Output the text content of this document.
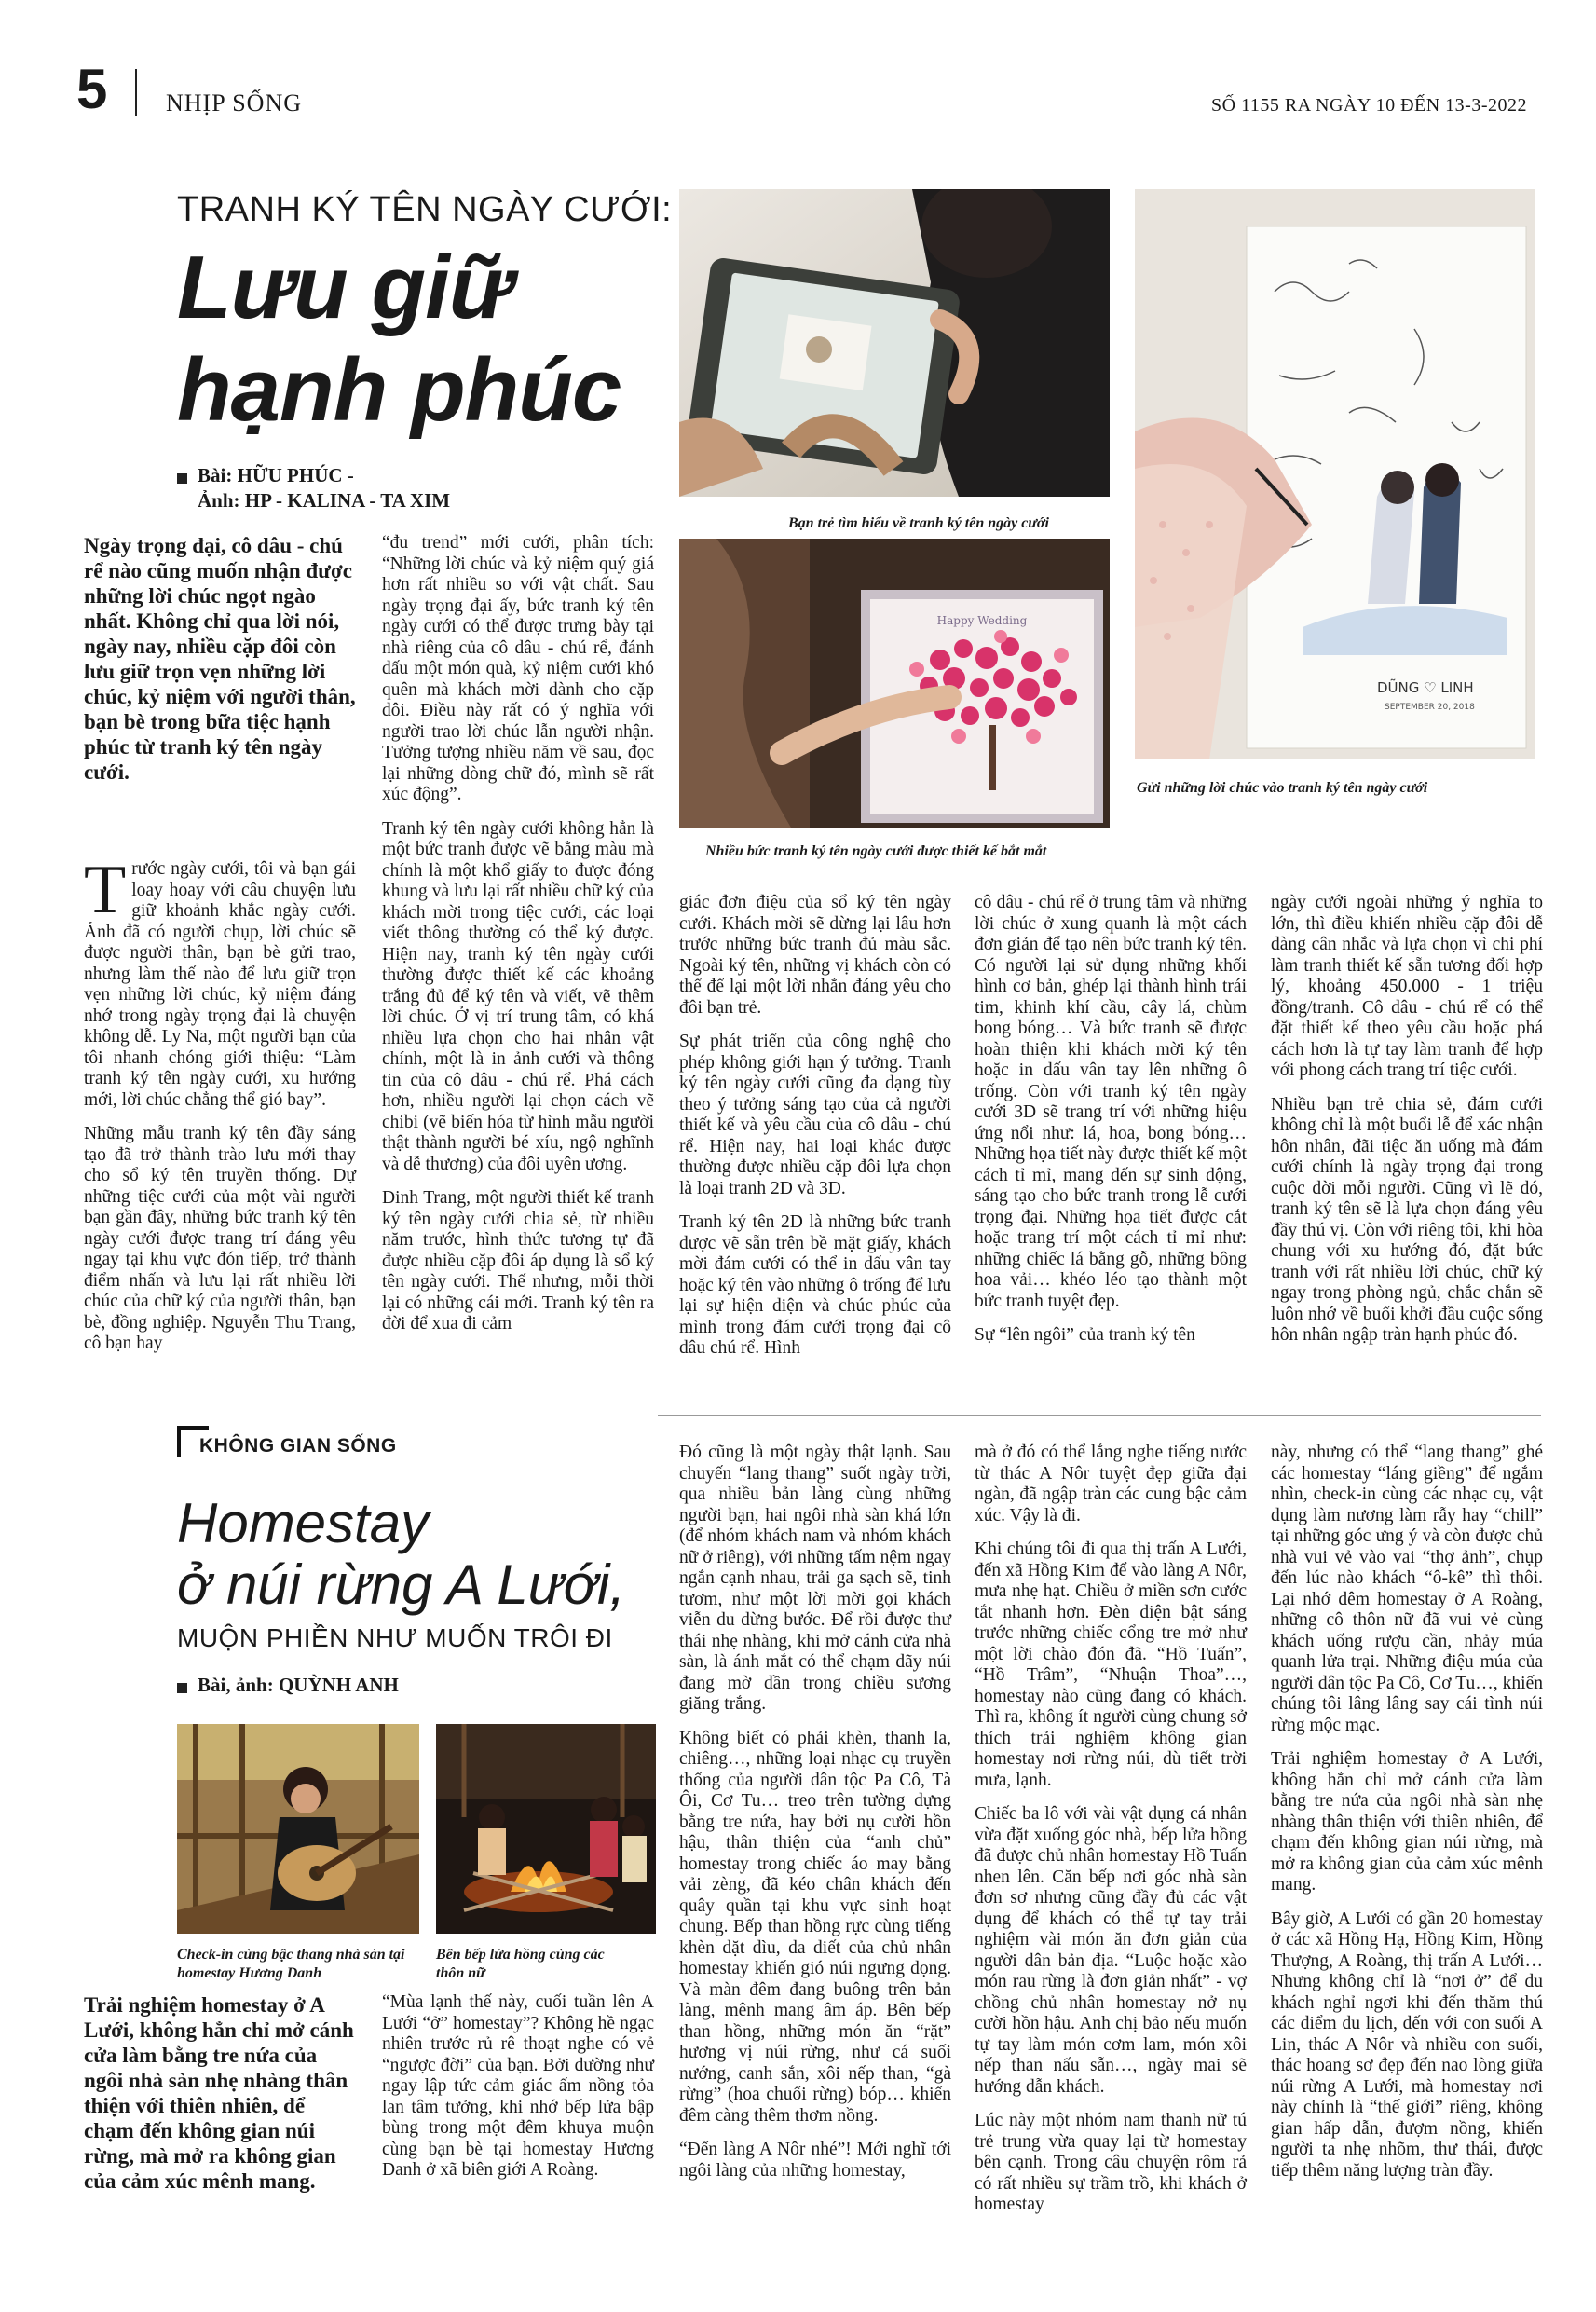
5 NHỊP SỐNG	SỐ 1155 RA NGÀY 10 ĐẾN 13-3-2022
TRANH KÝ TÊN NGÀY CƯỚI:
Lưu giữ
hạnh phúc
Bài: HỮU PHÚC -
Ảnh: HP - KALINA - TA XIM
Bạn trẻ tìm hiểu về tranh ký tên ngày cưới
Happy Wedding
Nhiều bức tranh ký tên ngày cưới được thiết kế bắt mắt
DŨNG ♡ LINH
SEPTEMBER 20, 2018
Gửi những lời chúc vào tranh ký tên ngày cưới
Ngày trọng đại, cô dâu - chú rể nào cũng muốn nhận được những lời chúc ngọt ngào nhất. Không chỉ qua lời nói, ngày nay, nhiều cặp đôi còn lưu giữ trọn vẹn những lời chúc, kỷ niệm với người thân, bạn bè trong bữa tiệc hạnh phúc từ tranh ký tên ngày cưới.

Trước ngày cưới, tôi và bạn gái loay hoay với câu chuyện lưu giữ khoảnh khắc ngày cưới. Ảnh đã có người chụp, lời chúc sẽ được người thân, bạn bè gửi trao, nhưng làm thế nào để lưu giữ trọn vẹn những lời chúc, kỷ niệm đáng nhớ trong ngày trọng đại là chuyện không dễ. Ly Na, một người bạn của tôi nhanh chóng giới thiệu: “Làm tranh ký tên ngày cưới, xu hướng mới, lời chúc chẳng thể gió bay”.

Những mẫu tranh ký tên đầy sáng tạo đã trở thành trào lưu mới thay cho sổ ký tên truyền thống. Dự những tiệc cưới của một vài người bạn gần đây, những bức tranh ký tên ngày cưới được trang trí đáng yêu ngay tại khu vực đón tiếp, trở thành điểm nhấn và lưu lại rất nhiều lời chúc của chữ ký của người thân, bạn bè, đồng nghiệp. Nguyễn Thu Trang, cô bạn hay

“đu trend” mới cưới, phân tích: “Những lời chúc và kỷ niệm quý giá hơn rất nhiều so với vật chất. Sau ngày trọng đại ấy, bức tranh ký tên ngày cưới có thể được trưng bày tại nhà riêng của cô dâu - chú rể, đánh dấu một món quà, kỷ niệm cưới khó quên mà khách mời dành cho cặp đôi. Điều này rất có ý nghĩa với người trao lời chúc lẫn người nhận. Tưởng tượng nhiều năm về sau, đọc lại những dòng chữ đó, mình sẽ rất xúc động”.

Tranh ký tên ngày cưới không hẳn là một bức tranh được vẽ bằng màu mà chính là một khổ giấy to được đóng khung và lưu lại rất nhiều chữ ký của khách mời trong tiệc cưới, các loại viết thông thường có thể ký được. Hiện nay, tranh ký tên ngày cưới thường được thiết kế các khoảng trắng đủ để ký tên và viết, vẽ thêm lời chúc. Ở vị trí trung tâm, có khá nhiều lựa chọn cho hai nhân vật chính, một là in ảnh cưới và thông tin của cô dâu - chú rể. Phá cách hơn, nhiều người lại chọn cách vẽ chibi (vẽ biến hóa từ hình mẫu người thật thành người bé xíu, ngộ nghĩnh và dễ thương) của đôi uyên ương.

Đinh Trang, một người thiết kế tranh ký tên ngày cưới chia sẻ, từ nhiều năm trước, hình thức tương tự đã được nhiều cặp đôi áp dụng là sổ ký tên ngày cưới. Thế nhưng, mỗi thời lại có những cái mới. Tranh ký tên ra đời để xua đi cảm

giác đơn điệu của sổ ký tên ngày cưới. Khách mời sẽ dừng lại lâu hơn trước những bức tranh đủ màu sắc. Ngoài ký tên, những vị khách còn có thể để lại một lời nhắn đáng yêu cho đôi bạn trẻ.

Sự phát triển của công nghệ cho phép không giới hạn ý tưởng. Tranh ký tên ngày cưới cũng đa dạng tùy theo ý tưởng sáng tạo của cả người thiết kế và yêu cầu của cô dâu - chú rể. Hiện nay, hai loại khác được thường được nhiều cặp đôi lựa chọn là loại tranh 2D và 3D.

Tranh ký tên 2D là những bức tranh được vẽ sẵn trên bề mặt giấy, khách mời đám cưới có thể in dấu vân tay hoặc ký tên vào những ô trống để lưu lại sự hiện diện và chúc phúc của mình trong đám cưới trọng đại cô dâu chú rể. Hình

cô dâu - chú rể ở trung tâm và những lời chúc ở xung quanh là một cách đơn giản để tạo nên bức tranh ký tên. Có người lại sử dụng những khối hình cơ bản, ghép lại thành hình trái tim, khinh khí cầu, cây lá, chùm bong bóng… Và bức tranh sẽ được hoàn thiện khi khách mời ký tên hoặc in dấu vân tay lên những ô trống. Còn với tranh ký tên ngày cưới 3D sẽ trang trí với những hiệu ứng nổi như: lá, hoa, bong bóng… Những họa tiết này được thiết kế một cách tỉ mỉ, mang đến sự sinh động, sáng tạo cho bức tranh trong lễ cưới trọng đại. Những họa tiết được cắt hoặc trang trí một cách tỉ mỉ như: những chiếc lá bằng gỗ, những bông hoa vải… khéo léo tạo thành một bức tranh tuyệt đẹp.

Sự “lên ngôi” của tranh ký tên

ngày cưới ngoài những ý nghĩa to lớn, thì điều khiến nhiều cặp đôi dễ dàng cân nhắc và lựa chọn vì chi phí làm tranh thiết kế sẵn tương đối hợp lý, khoảng 450.000 - 1 triệu đồng/tranh. Cô dâu - chú rể có thể đặt thiết kế theo yêu cầu hoặc phá cách hơn là tự tay làm tranh để hợp với phong cách trang trí tiệc cưới.

Nhiều bạn trẻ chia sẻ, đám cưới không chỉ là một buổi lễ để xác nhận hôn nhân, đãi tiệc ăn uống mà đám cưới chính là ngày trọng đại trong cuộc đời mỗi người. Cũng vì lẽ đó, tranh ký tên sẽ là lựa chọn đáng yêu đầy thú vị. Còn với riêng tôi, khi hòa chung với xu hướng đó, đặt bức tranh với rất nhiều lời chúc, chữ ký ngay trong phòng ngủ, chắc chắn sẽ luôn nhớ về buổi khởi đầu cuộc sống hôn nhân ngập tràn hạnh phúc đó.

KHÔNG GIAN SỐNG
Homestay
ở núi rừng A Lưới,
MUỘN PHIỀN NHƯ MUỐN TRÔI ĐI
Bài, ảnh: QUỲNH ANH
Check-in cùng bậc thang nhà sàn tại homestay Hương Danh
Bên bếp lửa hồng cùng các thôn nữ
Trải nghiệm homestay ở A Lưới, không hẳn chỉ mở cánh cửa làm bằng tre nứa của ngôi nhà sàn nhẹ nhàng thân thiện với thiên nhiên, để chạm đến không gian núi rừng, mà mở ra không gian của cảm xúc mênh mang.

“Mùa lạnh thế này, cuối tuần lên A Lưới “ở” homestay”? Không hề ngạc nhiên trước rủ rê thoạt nghe có vẻ “ngược đời” của bạn. Bởi dường như ngay lập tức cảm giác ấm nồng tỏa lan tâm tưởng, khi nhớ bếp lửa bập bùng trong một đêm khuya muộn cùng bạn bè tại homestay Hương Danh ở xã biên giới A Roàng.

Đó cũng là một ngày thật lạnh. Sau chuyến “lang thang” suốt ngày trời, qua nhiều bản làng cùng những người bạn, hai ngôi nhà sàn khá lớn (để nhóm khách nam và nhóm khách nữ ở riêng), với những tấm nệm ngay ngắn cạnh nhau, trải ga sạch sẽ, tinh tươm, như một lời mời gọi khách viễn du dừng bước. Để rồi được thư thái nhẹ nhàng, khi mở cánh cửa nhà sàn, là ánh mắt có thể chạm dãy núi đang mờ dần trong chiều sương giăng trắng.

Không biết có phải khèn, thanh la, chiêng…, những loại nhạc cụ truyền thống của người dân tộc Pa Cô, Tà Ôi, Cơ Tu… treo trên tường dựng bằng tre nứa, hay bởi nụ cười hồn hậu, thân thiện của “anh chủ” homestay trong chiếc áo may bằng vải zèng, đã kéo chân khách đến quây quần tại khu vực sinh hoạt chung. Bếp than hồng rực cùng tiếng khèn dặt dìu, da diết của chủ nhân homestay khiến gió núi ngưng đọng. Và màn đêm đang buông trên bản làng, mênh mang âm áp. Bên bếp than hồng, những món ăn “rặt” hương vị núi rừng, như cá suối nướng, canh sắn, xôi nếp than, “gà rừng” (hoa chuối rừng) bóp… khiến đêm càng thêm thơm nồng.

“Đến làng A Nôr nhé”! Mới nghĩ tới ngôi làng của những homestay,

mà ở đó có thể lắng nghe tiếng nước từ thác A Nôr tuyệt đẹp giữa đại ngàn, đã ngập tràn các cung bậc cảm xúc. Vậy là đi.

Khi chúng tôi đi qua thị trấn A Lưới, đến xã Hồng Kim để vào làng A Nôr, mưa nhẹ hạt. Chiều ở miền sơn cước tắt nhanh hơn. Đèn điện bật sáng trước những chiếc cổng tre mở như một lời chào đón đã. “Hồ Tuấn”, “Hồ Trâm”, “Nhuận Thoa”…, homestay nào cũng đang có khách. Thì ra, không ít người cùng chung sở thích trải nghiệm không gian homestay nơi rừng núi, dù tiết trời mưa, lạnh.

Chiếc ba lô với vài vật dụng cá nhân vừa đặt xuống góc nhà, bếp lửa hồng đã được chủ nhân homestay Hồ Tuấn nhen lên. Căn bếp nơi góc nhà sàn đơn sơ nhưng cũng đầy đủ các vật dụng để khách có thể tự tay trải nghiệm vài món ăn đơn giản của người dân bản địa. “Luộc hoặc xào món rau rừng là đơn giản nhất” - vợ chồng chủ nhân homestay nở nụ cười hồn hậu. Anh chị bảo nếu muốn tự tay làm món cơm lam, món xôi nếp than nấu sẵn…, ngày mai sẽ hướng dẫn khách.

Lúc này một nhóm nam thanh nữ tú trẻ trung vừa quay lại từ homestay bên cạnh. Trong câu chuyện rôm rả có rất nhiều sự trầm trồ, khi khách ở homestay

này, nhưng có thể “lang thang” ghé các homestay “láng giềng” để ngắm nhìn, check-in cùng các nhạc cụ, vật dụng làm nương làm rẫy hay “chill” tại những góc ưng ý và còn được chủ nhà vui vẻ vào vai “thợ ảnh”, chụp đến lúc nào khách “ô-kê” thì thôi. Lại nhớ đêm homestay ở A Roàng, những cô thôn nữ đã vui vẻ cùng khách uống rượu cần, nhảy múa quanh lửa trại. Những điệu múa của người dân tộc Pa Cô, Cơ Tu…, khiến chúng tôi lâng lâng say cái tình núi rừng mộc mạc.

Trải nghiệm homestay ở A Lưới, không hẳn chỉ mở cánh cửa làm bằng tre nứa của ngôi nhà sàn nhẹ nhàng thân thiện với thiên nhiên, để chạm đến không gian núi rừng, mà mở ra không gian của cảm xúc mênh mang.

Bây giờ, A Lưới có gần 20 homestay ở các xã Hồng Hạ, Hồng Kim, Hồng Thượng, A Roàng, thị trấn A Lưới… Nhưng không chỉ là “nơi ở” để du khách nghỉ ngơi khi đến thăm thú các điểm du lịch, đến với con suối A Lin, thác A Nôr và nhiều con suối, thác hoang sơ đẹp đến nao lòng giữa núi rừng A Lưới, mà homestay nơi này chính là “thế giới” riêng, không gian hấp dẫn, đượm nồng, khiến người ta nhẹ nhõm, thư thái, được tiếp thêm năng lượng tràn đầy.
